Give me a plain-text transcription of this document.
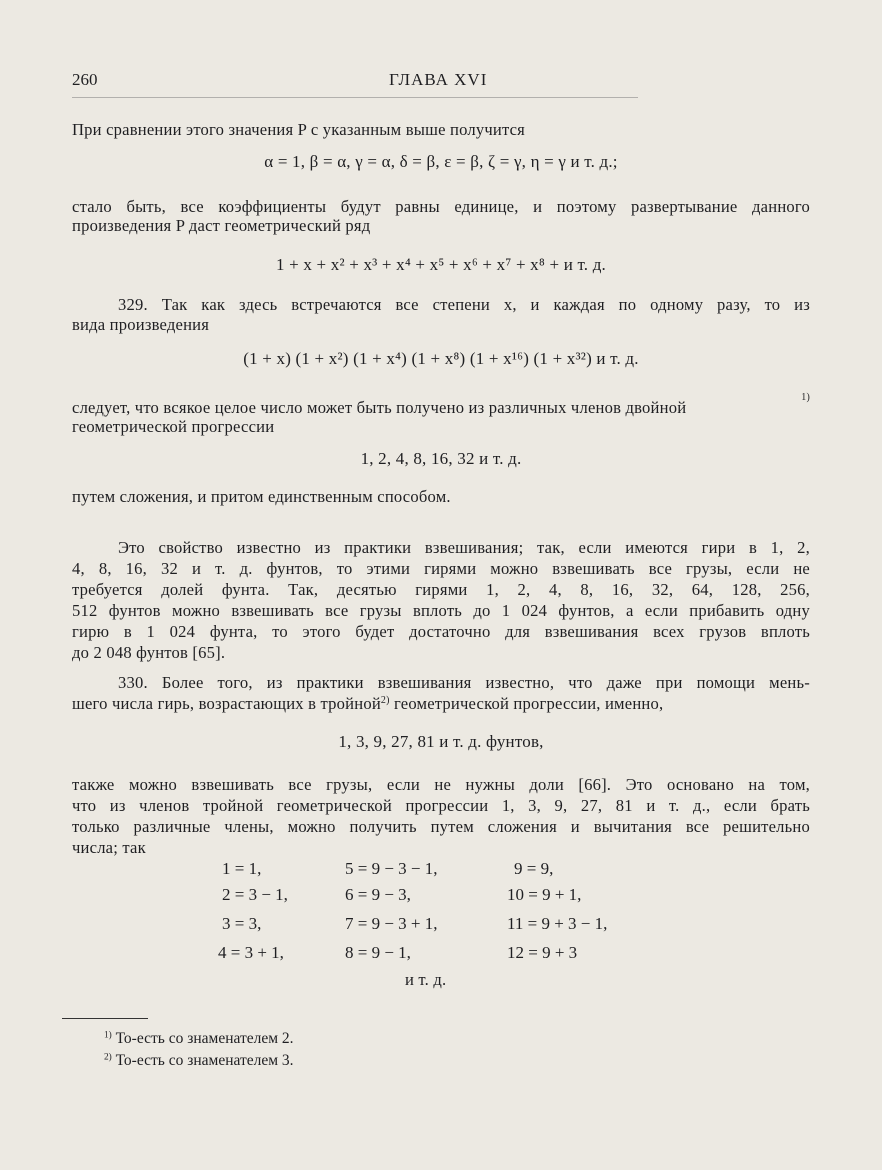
260	ГЛАВА XVI
При сравнении этого значения P с указанным выше получится
α = 1, β = α, γ = α, δ = β, ε = β, ζ = γ, η = γ и т. д.;
стало быть, все коэффициенты будут равны единице, и поэтому развертывание данного
произведения P даст геометрический ряд
1 + x + x² + x³ + x⁴ + x⁵ + x⁶ + x⁷ + x⁸ + и т. д.
329. Так как здесь встречаются все степени x, и каждая по одному разу, то из
вида произведения
(1 + x) (1 + x²) (1 + x⁴) (1 + x⁸) (1 + x¹⁶) (1 + x³²) и т. д.
следует, что всякое целое число может быть получено из различных членов двойной
1)
геометрической прогрессии
1, 2, 4, 8, 16, 32 и т. д.
путем сложения, и притом единственным способом.
Это свойство известно из практики взвешивания; так, если имеются гири в 1, 2,
4, 8, 16, 32 и т. д. фунтов, то этими гирями можно взвешивать все грузы, если не
требуется долей фунта. Так, десятью гирями 1, 2, 4, 8, 16, 32, 64, 128, 256,
512 фунтов можно взвешивать все грузы вплоть до 1 024 фунтов, а если прибавить одну
гирю в 1 024 фунта, то этого будет достаточно для взвешивания всех грузов вплоть
до 2 048 фунтов [65].
330. Более того, из практики взвешивания известно, что даже при помощи мень-
шего числа гирь, возрастающих в тройной$^{2)}$ геометрической прогрессии, именно,
1, 3, 9, 27, 81 и т. д. фунтов,
также можно взвешивать все грузы, если не нужны доли [66]. Это основано на том,
что из членов тройной геометрической прогрессии 1, 3, 9, 27, 81 и т. д., если брать
только различные члены, можно получить путем сложения и вычитания все решительно
числа; так
1 = 1,	5 = 9 − 3 − 1,	9 = 9,
2 = 3 − 1,	6 = 9 − 3,	10 = 9 + 1,
3 = 3,	7 = 9 − 3 + 1,	11 = 9 + 3 − 1,
4 = 3 + 1,	8 = 9 − 1,	12 = 9 + 3
и т. д.
$^{1)}$ То-есть со знаменателем 2.
$^{2)}$ То-есть со знаменателем 3.
